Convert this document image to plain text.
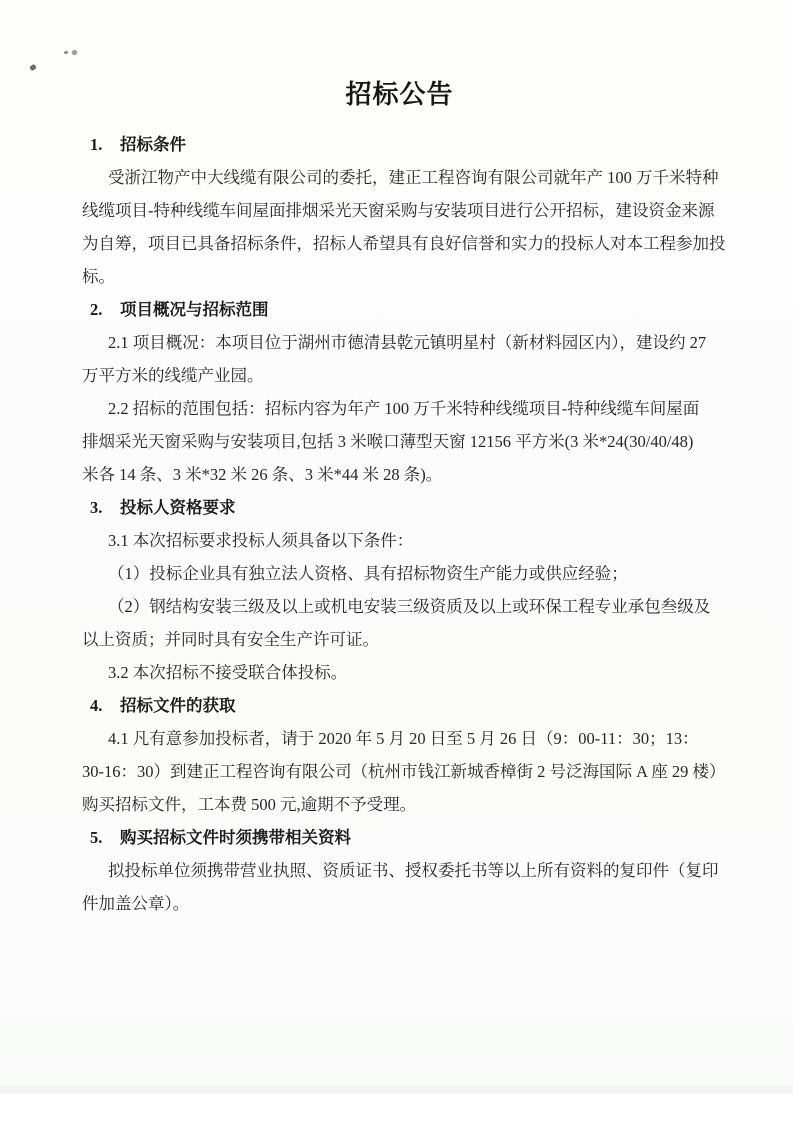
招标公告
1. 招标条件
受浙江物产中大线缆有限公司的委托，建正工程咨询有限公司就年产 100 万千米特种
线缆项目-特种线缆车间屋面排烟采光天窗采购与安装项目进行公开招标，建设资金来源
为自筹，项目已具备招标条件，招标人希望具有良好信誉和实力的投标人对本工程参加投
标。
2. 项目概况与招标范围
2.1 项目概况：本项目位于湖州市德清县乾元镇明星村（新材料园区内），建设约 27
万平方米的线缆产业园。
2.2 招标的范围包括：招标内容为年产 100 万千米特种线缆项目-特种线缆车间屋面
排烟采光天窗采购与安装项目,包括 3 米喉口薄型天窗 12156 平方米(3 米*24(30/40/48)
米各 14 条、3 米*32 米 26 条、3 米*44 米 28 条)。
3. 投标人资格要求
3.1 本次招标要求投标人须具备以下条件：
（1）投标企业具有独立法人资格、具有招标物资生产能力或供应经验；
（2）钢结构安装三级及以上或机电安装三级资质及以上或环保工程专业承包叁级及
以上资质；并同时具有安全生产许可证。
3.2 本次招标不接受联合体投标。
4. 招标文件的获取
4.1 凡有意参加投标者，请于 2020 年 5 月 20 日至 5 月 26 日（9：00-11：30；13：
30-16：30）到建正工程咨询有限公司（杭州市钱江新城香樟街 2 号泛海国际 A 座 29 楼）
购买招标文件，工本费 500 元,逾期不予受理。
5. 购买招标文件时须携带相关资料
拟投标单位须携带营业执照、资质证书、授权委托书等以上所有资料的复印件（复印
件加盖公章）。
